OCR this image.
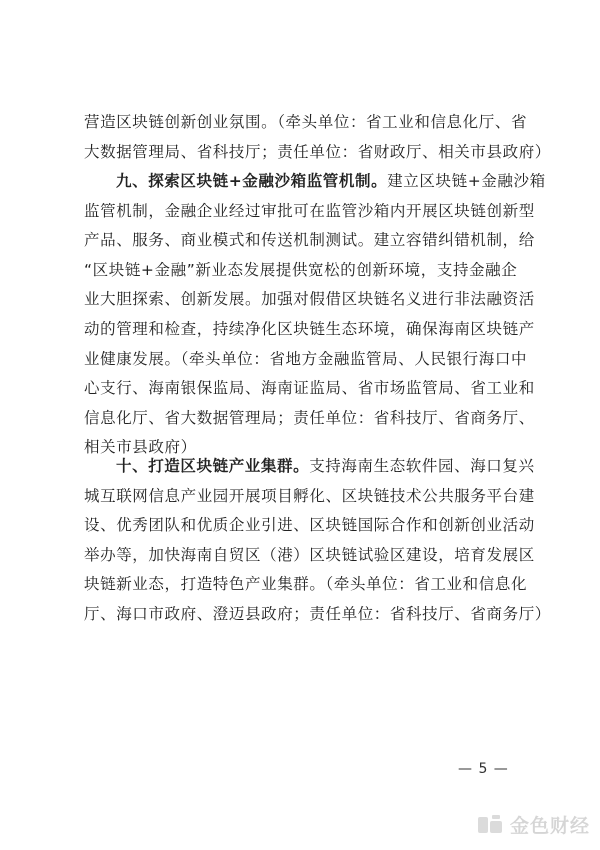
营造区块链创新创业氛围。（牵头单位：省工业和信息化厅、省
大数据管理局、省科技厅；责任单位：省财政厅、相关市县政府）
九、探索区块链+金融沙箱监管机制。建立区块链+金融沙箱
监管机制，金融企业经过审批可在监管沙箱内开展区块链创新型
产品、服务、商业模式和传送机制测试。建立容错纠错机制，给
“区块链+金融”新业态发展提供宽松的创新环境，支持金融企
业大胆探索、创新发展。加强对假借区块链名义进行非法融资活
动的管理和检查，持续净化区块链生态环境，确保海南区块链产
业健康发展。（牵头单位：省地方金融监管局、人民银行海口中
心支行、海南银保监局、海南证监局、省市场监管局、省工业和
信息化厅、省大数据管理局；责任单位：省科技厅、省商务厅、
相关市县政府）
十、打造区块链产业集群。支持海南生态软件园、海口复兴
城互联网信息产业园开展项目孵化、区块链技术公共服务平台建
设、优秀团队和优质企业引进、区块链国际合作和创新创业活动
举办等，加快海南自贸区（港）区块链试验区建设，培育发展区
块链新业态，打造特色产业集群。（牵头单位：省工业和信息化
厅、海口市政府、澄迈县政府；责任单位：省科技厅、省商务厅）
— 5 —
金色财经
